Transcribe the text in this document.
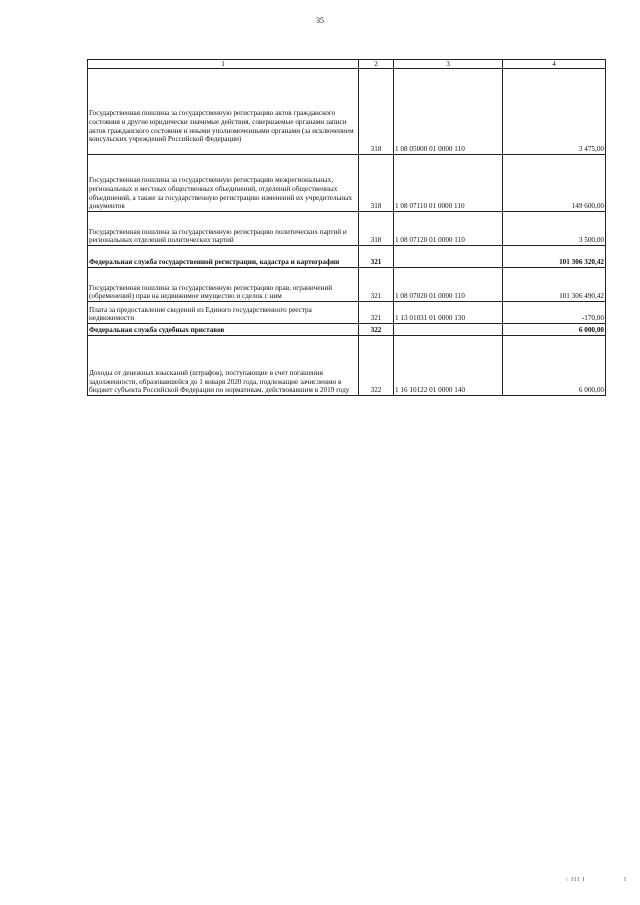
35
1	2	3	4

Государственная пошлина за государственную регистрацию актов гражданского состояния и другие юридически значимые действия, совершаемые органами записи актов гражданского состояния и иными уполномоченными органами (за исключением консульских учреждений Российской Федерации)	318	1 08 05000 01 0000 110	3 475,00
Государственная пошлина за государственную регистрацию межрегиональных, региональных и местных общественных объединений, отделений общественных объединений, а также за государственную регистрацию изменений их учредительных документов	318	1 08 07110 01 0000 110	149 600,00
Государственная пошлина за государственную регистрацию политических партий и региональных отделений политических партий	318	1 08 07120 01 0000 110	3 500,00
Федеральная служба государственной регистрации, кадастра и картографии	321		101 306 320,42
Государственная пошлина за государственную регистрацию прав, ограничений (обременений) прав на недвижимое имущество и сделок с ним	321	1 08 07020 01 0000 110	101 306 490,42
Плата за предоставление сведений из Единого государственного реестра недвижимости	321	1 13 01031 01 0000 130	-170,00
Федеральная служба судебных приставов	322		6 000,00
Доходы от денежных взысканий (штрафов), поступающие в счет погашения задолженности, образовавшейся до 1 января 2020 года, подлежащие зачислению в бюджет субъекта Российской Федерации по нормативам, действовавшим в 2019 году	322	1 16 10122 01 0000 140	6 000,00
\ III I	I
